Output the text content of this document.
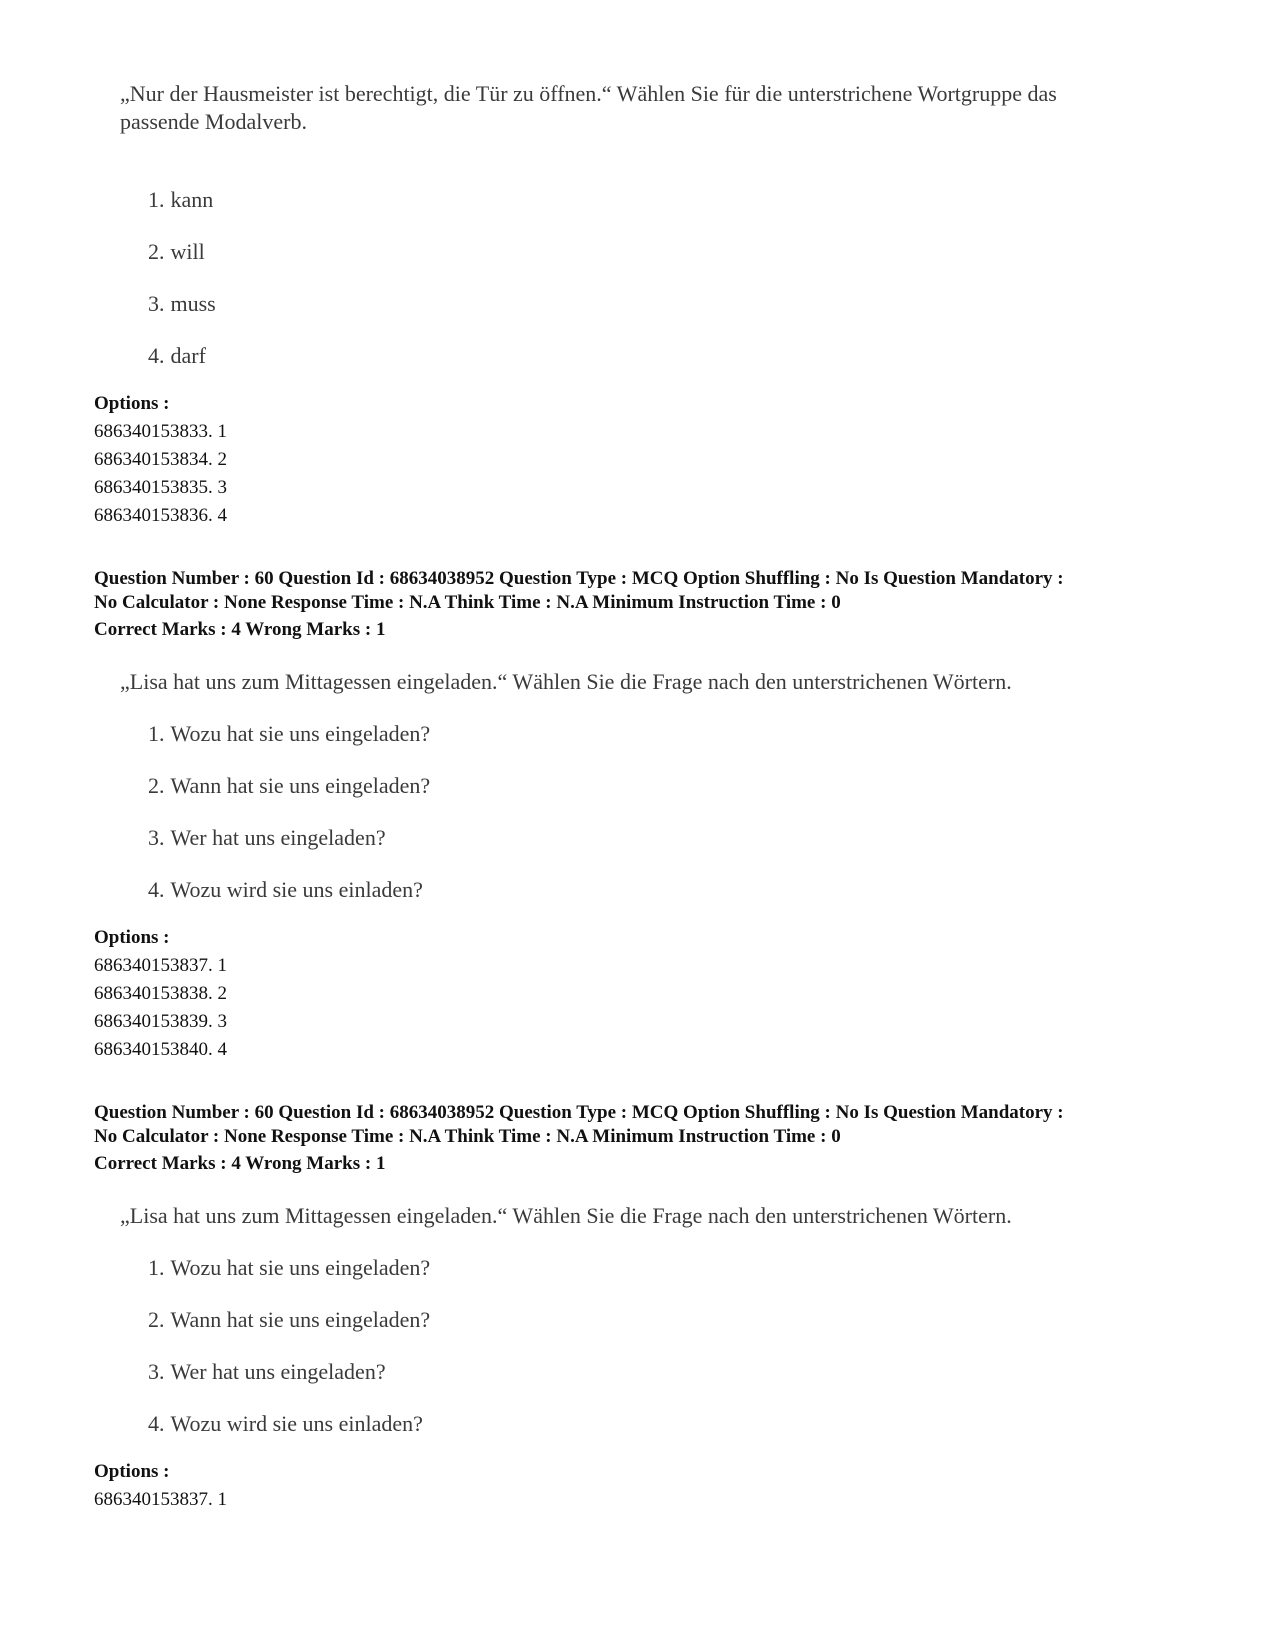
„Nur der Hausmeister ist berechtigt, die Tür zu öffnen.“ Wählen Sie für die unterstrichene Wortgruppe das
passende Modalverb.
1. kann
2. will
3. muss
4. darf
Options :
686340153833. 1
686340153834. 2
686340153835. 3
686340153836. 4
Question Number : 60 Question Id : 68634038952 Question Type : MCQ Option Shuffling : No Is Question Mandatory :
No Calculator : None Response Time : N.A Think Time : N.A Minimum Instruction Time : 0
Correct Marks : 4 Wrong Marks : 1
„Lisa hat uns zum Mittagessen eingeladen.“ Wählen Sie die Frage nach den unterstrichenen Wörtern.
1. Wozu hat sie uns eingeladen?
2. Wann hat sie uns eingeladen?
3. Wer hat uns eingeladen?
4. Wozu wird sie uns einladen?
Options :
686340153837. 1
686340153838. 2
686340153839. 3
686340153840. 4
Question Number : 60 Question Id : 68634038952 Question Type : MCQ Option Shuffling : No Is Question Mandatory :
No Calculator : None Response Time : N.A Think Time : N.A Minimum Instruction Time : 0
Correct Marks : 4 Wrong Marks : 1
„Lisa hat uns zum Mittagessen eingeladen.“ Wählen Sie die Frage nach den unterstrichenen Wörtern.
1. Wozu hat sie uns eingeladen?
2. Wann hat sie uns eingeladen?
3. Wer hat uns eingeladen?
4. Wozu wird sie uns einladen?
Options :
686340153837. 1
